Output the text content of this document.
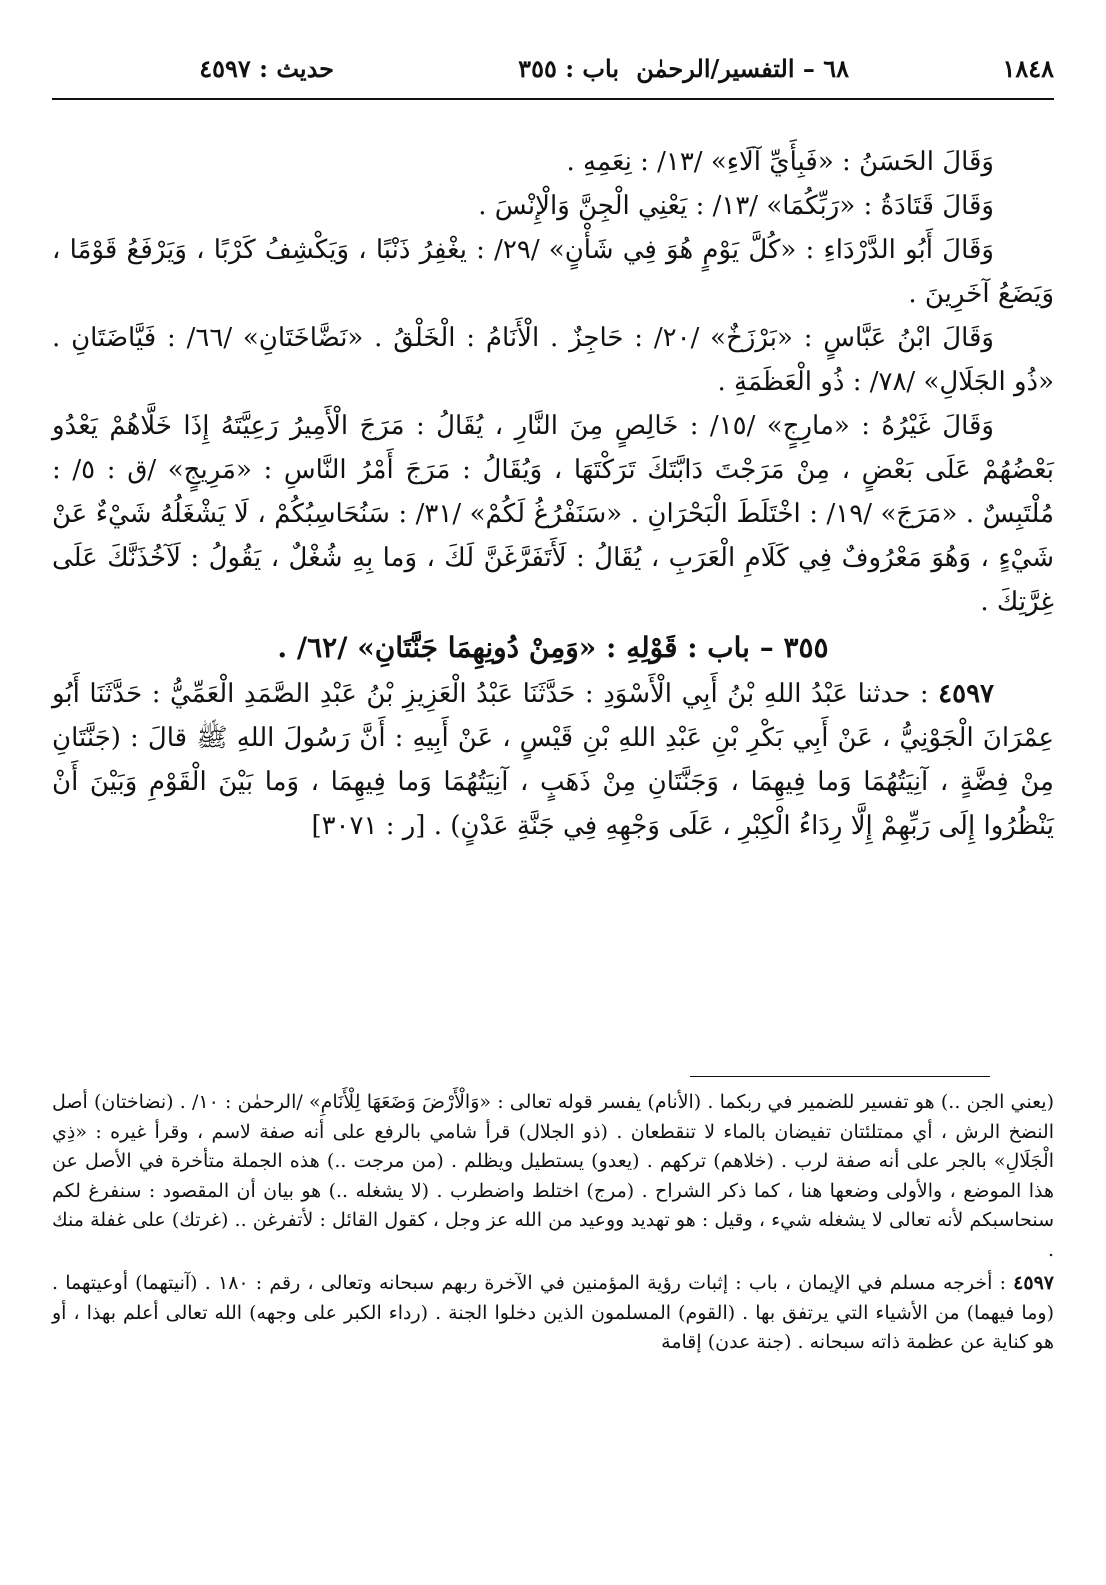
١٨٤٨
٦٨ – التفسير/الرحمٰن
باب : ٣٥٥
حديث : ٤٥٩٧

وَقَالَ الحَسَنُ : «فَبِأَيِّ آلَاءِ» /١٣/ : نِعَمِهِ .

وَقَالَ قَتَادَةُ : «رَبِّكُمَا» /١٣/ : يَعْنِي الْجِنَّ وَالْإِنْسَ .

وَقَالَ أَبُو الدَّرْدَاءِ : «كُلَّ يَوْمٍ هُوَ فِي شَأْنٍ» /٢٩/ : يغْفِرُ ذَنْبًا ، وَيَكْشِفُ كَرْبًا ، وَيَرْفَعُ قَوْمًا ، وَيَضَعُ آخَرِينَ .

وَقَالَ ابْنُ عَبَّاسٍ : «بَرْزَخٌ» /٢٠/ : حَاجِزٌ . الْأَنَامُ : الْخَلْقُ . «نَضَّاخَتَانِ» /٦٦/ : فَيَّاضَتَانِ . «ذُو الجَلَالِ» /٧٨/ : ذُو الْعَظَمَةِ .

وَقَالَ غَيْرُهُ : «مارِجٍ» /١٥/ : خَالِصٍ مِنَ النَّارِ ، يُقَالُ : مَرَجَ الْأَمِيرُ رَعِيَّتَهُ إِذَا خَلَّاهُمْ يَعْدُو بَعْضُهُمْ عَلَى بَعْضٍ ، مِنْ مَرَجْتَ دَابَّتَكَ تَرَكْتَهَا ، وَيُقَالُ : مَرَجَ أَمْرُ النَّاسِ : «مَرِيجٍ» /ق : ٥/ : مُلْتَبِسٌ . «مَرَجَ» /١٩/ : اخْتَلَطَ الْبَحْرَانِ . «سَنَفْرُغُ لَكُمْ» /٣١/ : سَنُحَاسِبُكُمْ ، لَا يَشْغَلُهُ شَيْءٌ عَنْ شَيْءٍ ، وَهُوَ مَعْرُوفٌ فِي كَلَامِ الْعَرَبِ ، يُقَالُ : لَأَتَفَرَّغَنَّ لَكَ ، وَما بِهِ شُغْلٌ ، يَقُولُ : لَآخُذَنَّكَ عَلَى غِرَّتِكَ .

٣٥٥ – باب : قَوْلِهِ : «وَمِنْ دُونِهِمَا جَنَّتَانِ» /٦٢/ .

٤٥٩٧ : حدثنا عَبْدُ اللهِ بْنُ أَبِي الْأَسْوَدِ : حَدَّثَنَا عَبْدُ الْعَزِيزِ بْنُ عَبْدِ الصَّمَدِ الْعَمِّيُّ : حَدَّثَنَا أَبُو عِمْرَانَ الْجَوْنِيُّ ، عَنْ أَبِي بَكْرِ بْنِ عَبْدِ اللهِ بْنِ قَيْسٍ ، عَنْ أَبِيهِ : أَنَّ رَسُولَ اللهِ ﷺ قالَ : (جَنَّتَانِ مِنْ فِضَّةٍ ، آنِيَتُهُمَا وَما فِيهِمَا ، وَجَنَّتَانِ مِنْ ذَهَبٍ ، آنِيَتُهُمَا وَما فِيهِمَا ، وَما بَيْنَ الْقَوْمِ وَبَيْنَ أَنْ يَنْظُرُوا إِلَى رَبِّهِمْ إِلَّا رِدَاءُ الْكِبْرِ ، عَلَى وَجْهِهِ فِي جَنَّةِ عَدْنٍ) . [ر : ٣٠٧١]

(يعني الجن ..) هو تفسير للضمير في ربكما . (الأنام) يفسر قوله تعالى : «وَالْأَرْضَ وَضَعَهَا لِلْأَنَامِ» /الرحمٰن : ١٠/ . (نضاختان) أصل النضخ الرش ، أي ممتلئتان تفيضان بالماء لا تنقطعان . (ذو الجلال) قرأ شامي بالرفع على أنه صفة لاسم ، وقرأ غيره : «ذِي الْجَلَالِ» بالجر على أنه صفة لرب . (خلاهم) تركهم . (يعدو) يستطيل ويظلم . (من مرجت ..) هذه الجملة متأخرة في الأصل عن هذا الموضع ، والأولى وضعها هنا ، كما ذكر الشراح . (مرج) اختلط واضطرب . (لا يشغله ..) هو بيان أن المقصود : سنفرغ لكم سنحاسبكم لأنه تعالى لا يشغله شيء ، وقيل : هو تهديد ووعيد من الله عز وجل ، كقول القائل : لأتفرغن .. (غرتك) على غفلة منك .

٤٥٩٧ : أخرجه مسلم في الإيمان ، باب : إثبات رؤية المؤمنين في الآخرة ربهم سبحانه وتعالى ، رقم : ١٨٠ . (آنيتهما) أوعيتهما . (وما فيهما) من الأشياء التي يرتفق بها . (القوم) المسلمون الذين دخلوا الجنة . (رداء الكبر على وجهه) الله تعالى أعلم بهذا ، أو هو كناية عن عظمة ذاته سبحانه . (جنة عدن) إقامة
